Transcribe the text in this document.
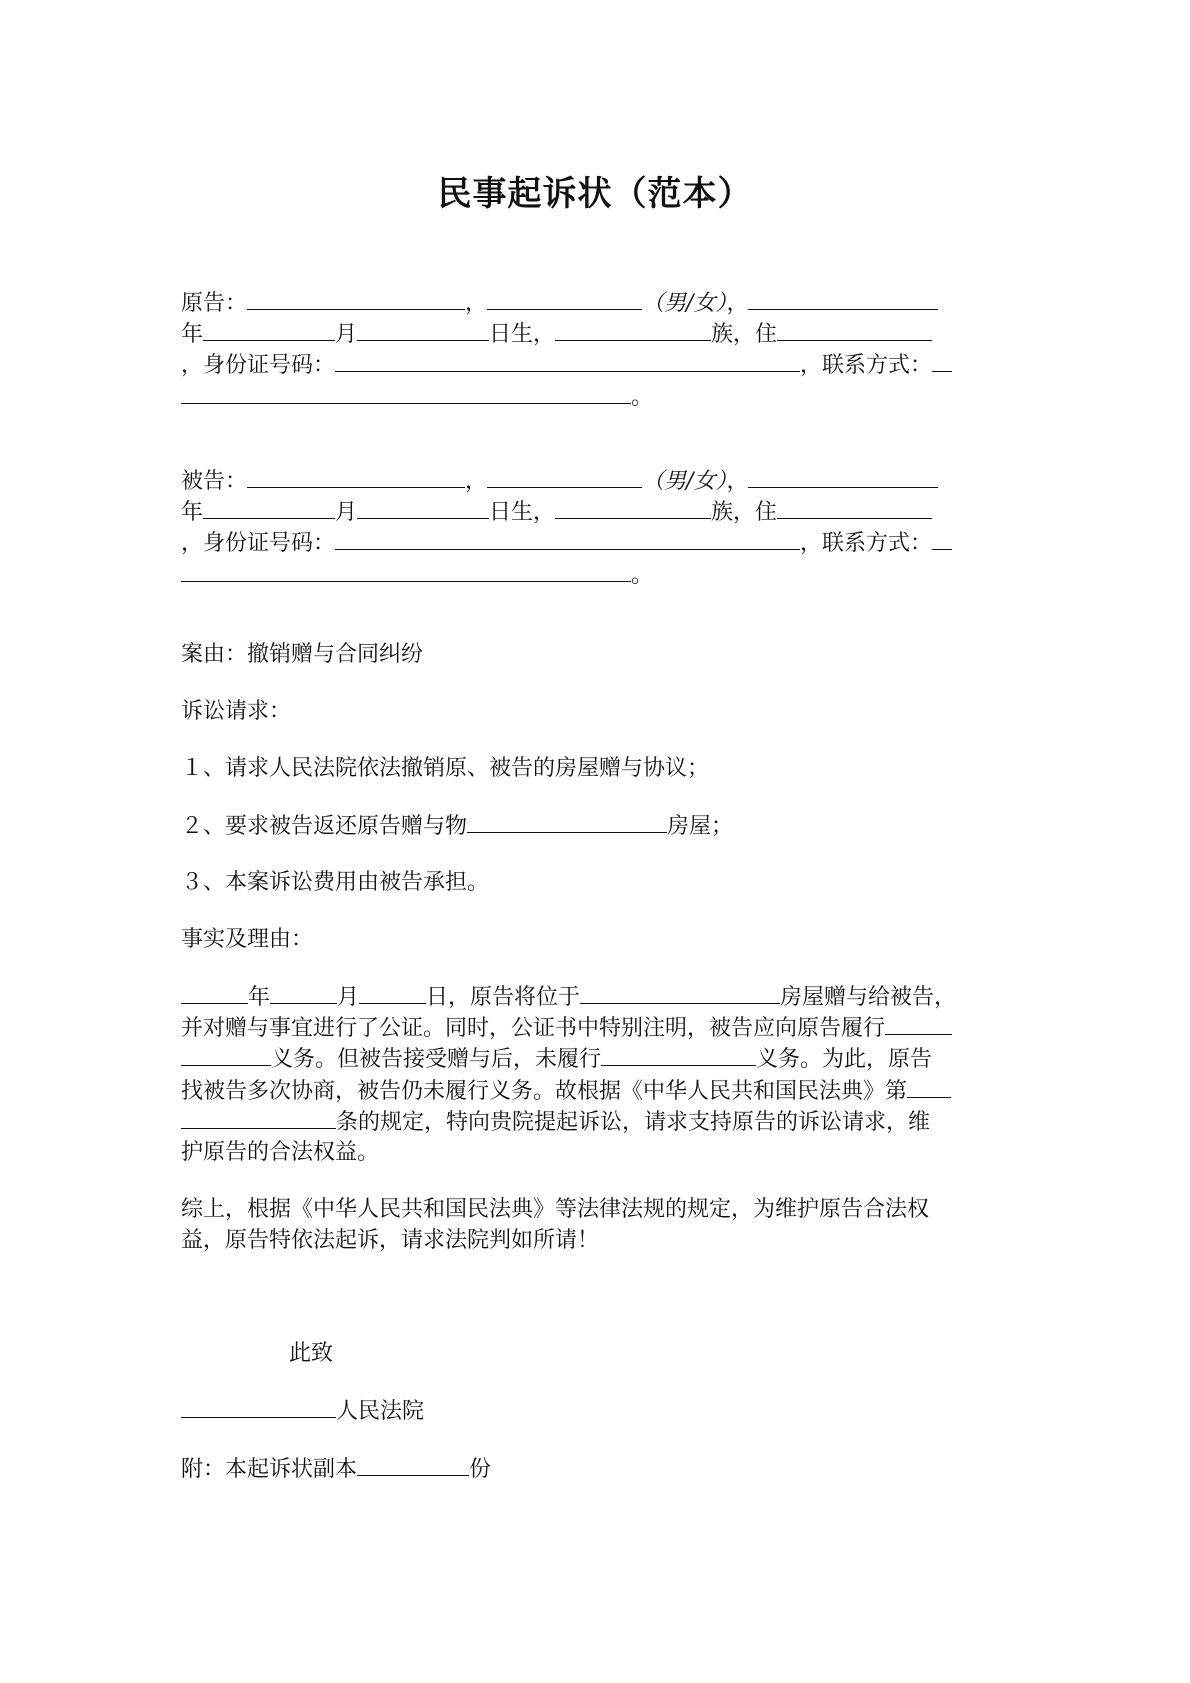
民事起诉状（范本）
原告：	，	（男/女），
年	月	日生，	族，住
，身份证号码：	，联系方式：
。
被告：	，	（男/女），
年	月	日生，	族，住
，身份证号码：	，联系方式：
。
案由：撤销赠与合同纠纷
诉讼请求：
１、请求人民法院依法撤销原、被告的房屋赠与协议；
２、要求被告返还原告赠与物	房屋；
３、本案诉讼费用由被告承担。
事实及理由：
年	月	日，原告将位于	房屋赠与给被告，
并对赠与事宜进行了公证。同时，公证书中特别注明，被告应向原告履行
义务。但被告接受赠与后，未履行	义务。为此，原告
找被告多次协商，被告仍未履行义务。故根据《中华人民共和国民法典》第
条的规定，特向贵院提起诉讼，请求支持原告的诉讼请求，维
护原告的合法权益。
综上，根据《中华人民共和国民法典》等法律法规的规定，为维护原告合法权
益，原告特依法起诉，请求法院判如所请！
此致
人民法院
附：本起诉状副本	份
